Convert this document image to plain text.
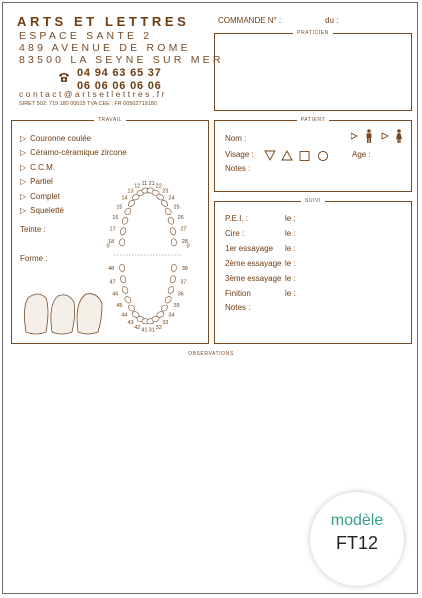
ARTS ET LETTRES
ESPACE SANTE 2
489 AVENUE DE ROME
83500 LA SEYNE SUR MER
04 94 63 65 37
06 06 06 06 06
contact@artsetlettres.fr
SIRET 502: 719 180 00015 TVA CEE : FR 00502719180
COMMANDE N° :	du :
PRATICIEN
TRAVAIL
▷ Couronne coulée
▷ Céramo-céramique zircone
▷ C.C.M.
▷ Partiel
▷ Complet
▷ Squeletté
Teinte :
Forme :
18
17
16
15
14
13
12 11 21 22
23
24
25
26
27
28
48
47
46
45
44
43
42 41 31 32
33
34
35
36
37
38
0	0
PATIENT
Nom :
Visage :
Notes :
Age :
SUIVI
P.E.I. :	le :
Cire :	le :
1er essayage le :
2ème essayage le :
3ème essayage le :
Finition	le :
Notes :
OBSERVATIONS
modèle
FT12
